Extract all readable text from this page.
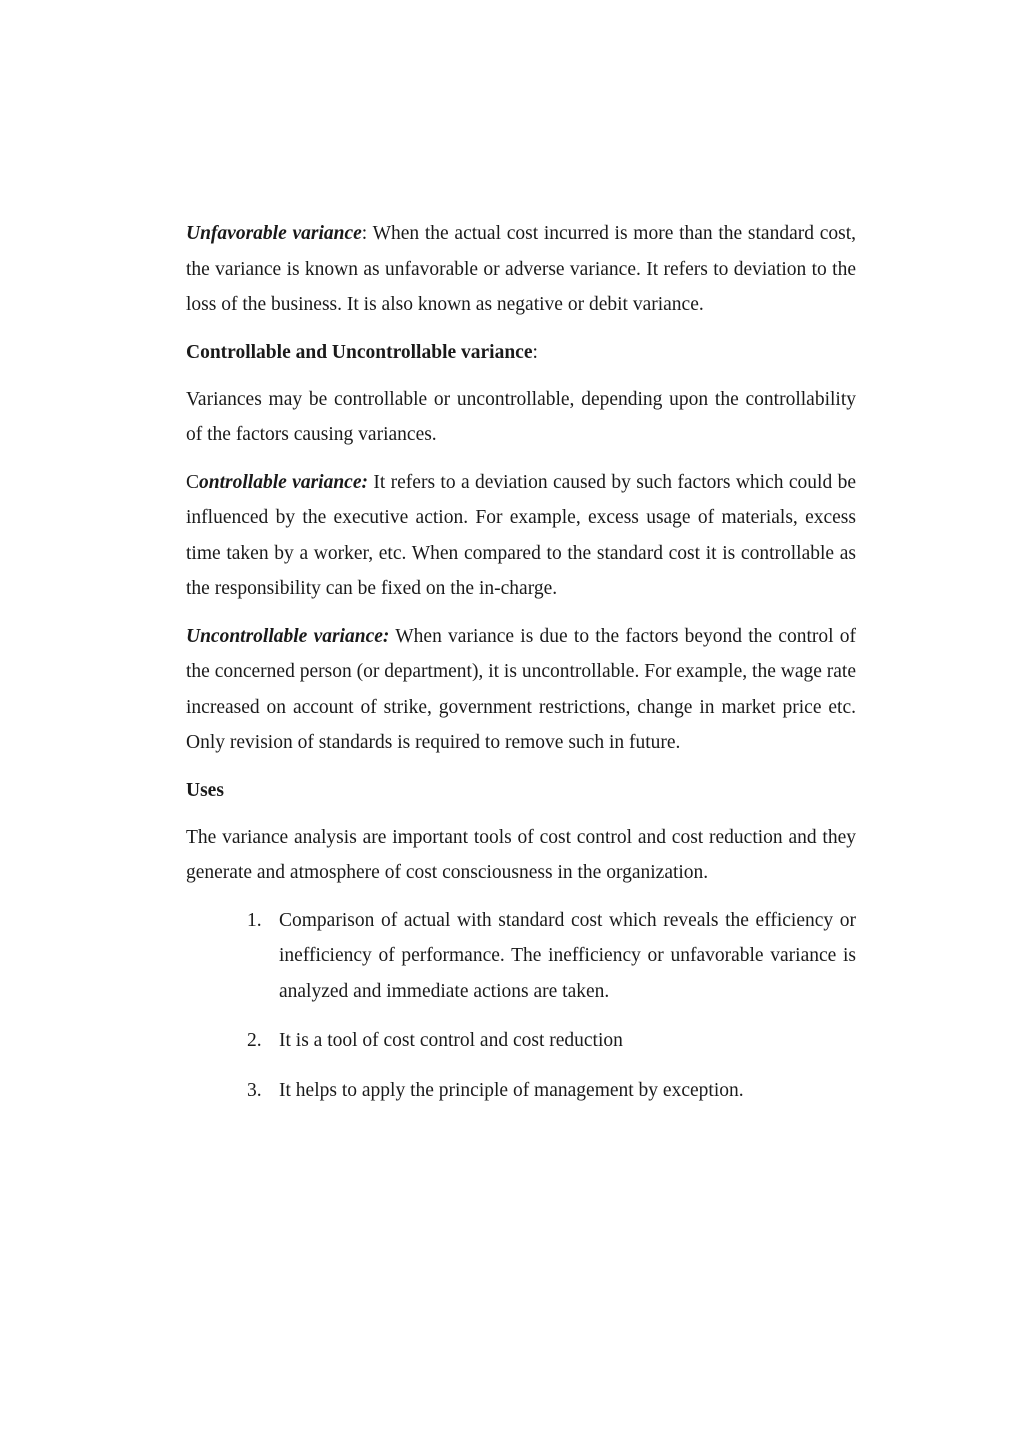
Unfavorable variance: When the actual cost incurred is more than the standard cost, the variance is known as unfavorable or adverse variance. It refers to deviation to the loss of the business. It is also known as negative or debit variance.

Controllable and Uncontrollable variance:

Variances may be controllable or uncontrollable, depending upon the controllability of the factors causing variances.

Controllable variance: It refers to a deviation caused by such factors which could be influenced by the executive action. For example, excess usage of materials, excess time taken by a worker, etc. When compared to the standard cost it is controllable as the responsibility can be fixed on the in-charge.

Uncontrollable variance: When variance is due to the factors beyond the control of the concerned person (or department), it is uncontrollable. For example, the wage rate increased on account of strike, government restrictions, change in market price etc. Only revision of standards is required to remove such in future.

Uses

The variance analysis are important tools of cost control and cost reduction and they generate and atmosphere of cost consciousness in the organization.

1. Comparison of actual with standard cost which reveals the efficiency or inefficiency of performance. The inefficiency or unfavorable variance is analyzed and immediate actions are taken.
2. It is a tool of cost control and cost reduction
3. It helps to apply the principle of management by exception.
